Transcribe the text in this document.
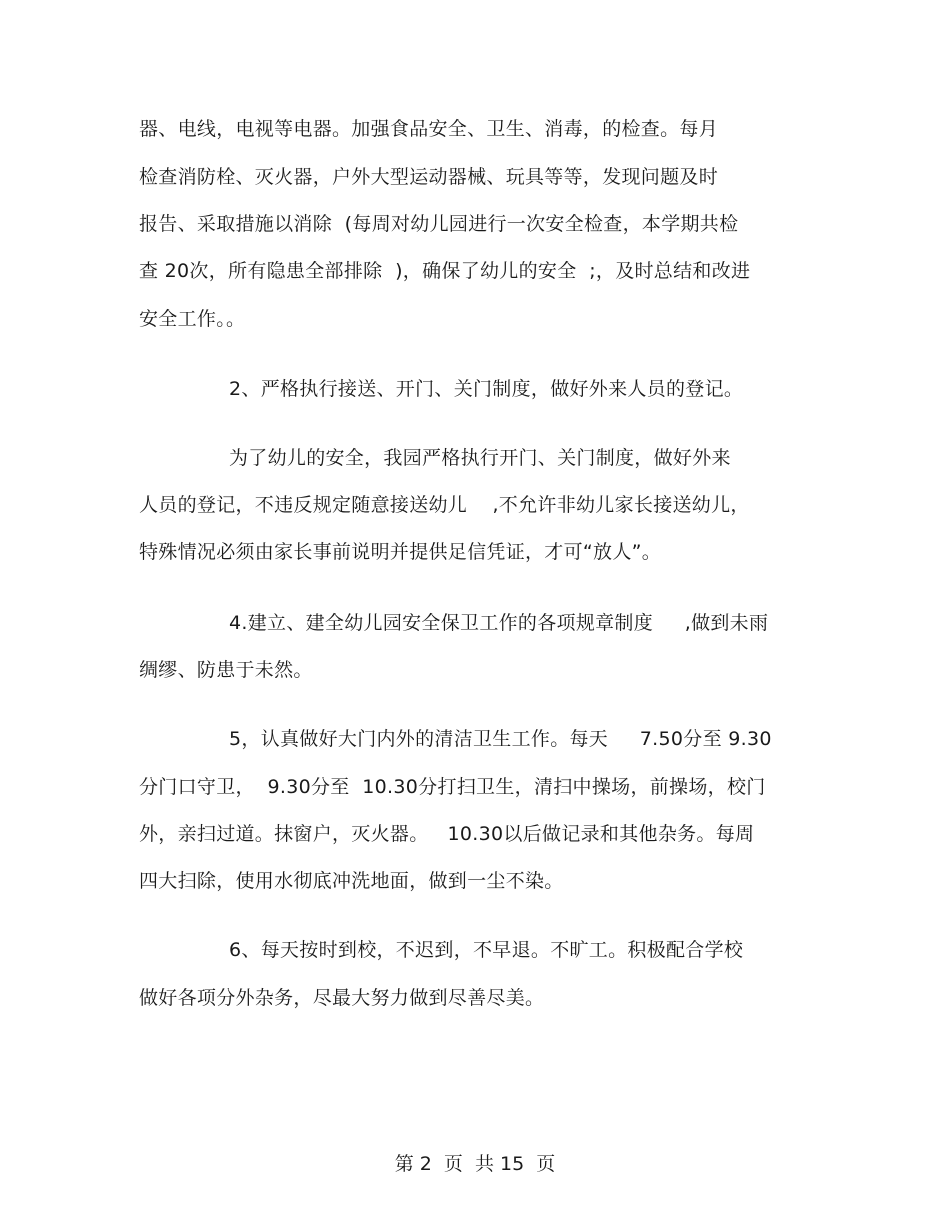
器、电线，电视等电器。加强食品安全、卫生、消毒，的检查。每月
检查消防栓、灭火器，户外大型运动器械、玩具等等，发现问题及时
报告、采取措施以消除  (每周对幼儿园进行一次安全检查，本学期共检
查 20次，所有隐患全部排除  )，确保了幼儿的安全  ;，及时总结和改进
安全工作。。
2、严格执行接送、开门、关门制度，做好外来人员的登记。
为了幼儿的安全，我园严格执行开门、关门制度，做好外来
人员的登记，不违反规定随意接送幼儿    ,不允许非幼儿家长接送幼儿，
特殊情况必须由家长事前说明并提供足信凭证，才可“放人”。
4.建立、建全幼儿园安全保卫工作的各项规章制度     ,做到未雨
绸缪、防患于未然。
5，认真做好大门内外的清洁卫生工作。每天     7.50分至 9.30
分门口守卫，  9.30分至  10.30分打扫卫生，清扫中操场，前操场，校门
外，亲扫过道。抹窗户，灭火器。   10.30以后做记录和其他杂务。每周
四大扫除，使用水彻底冲洗地面，做到一尘不染。
6、每天按时到校，不迟到，不早退。不旷工。积极配合学校
做好各项分外杂务，尽最大努力做到尽善尽美。
第 2  页  共 15  页
